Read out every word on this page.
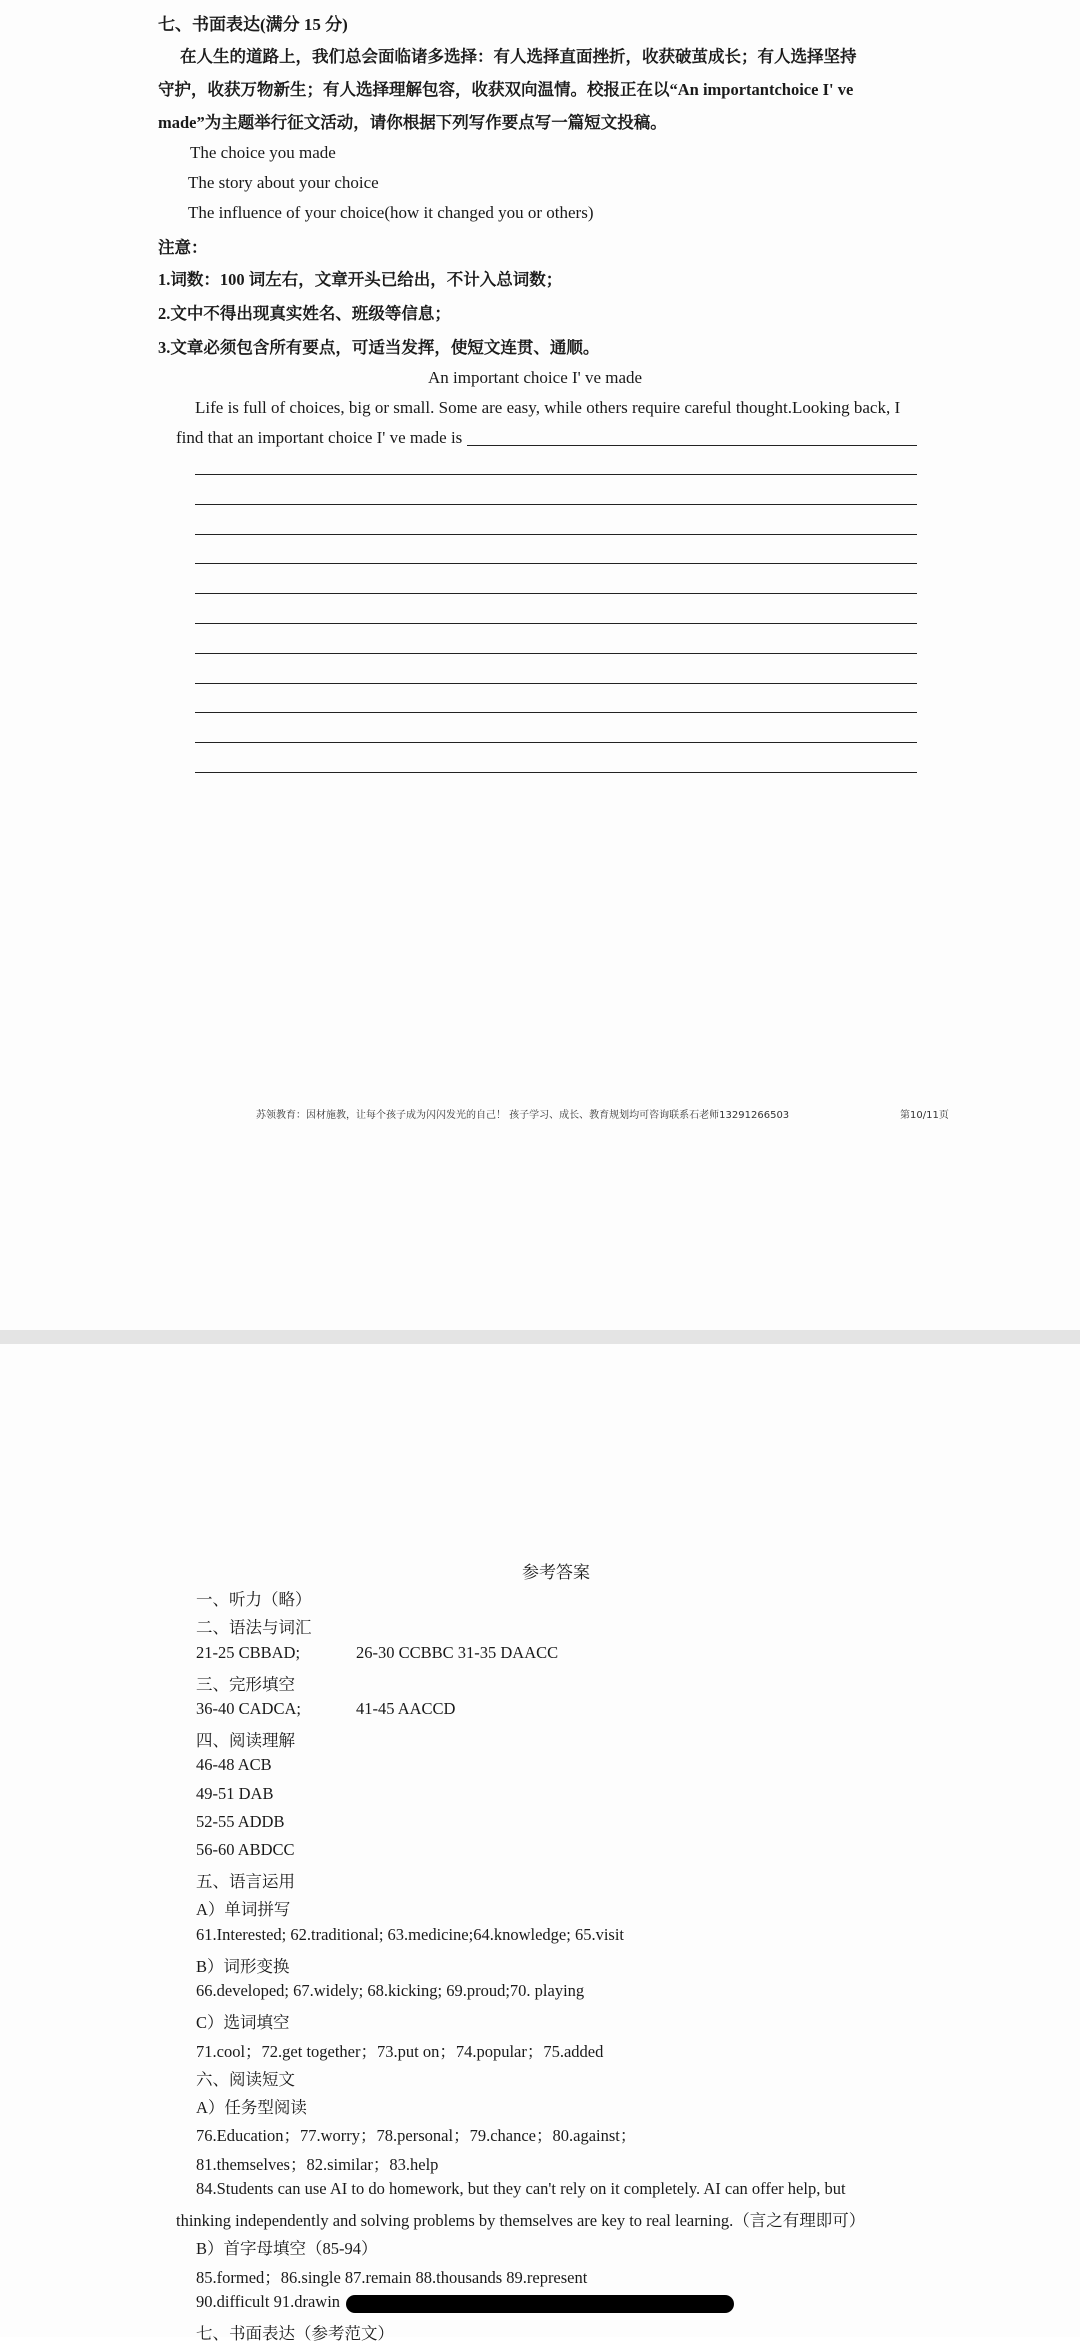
七、书面表达(满分 15 分)
在人生的道路上，我们总会面临诸多选择：有人选择直面挫折，收获破茧成长；有人选择坚持
守护，收获万物新生；有人选择理解包容，收获双向温情。校报正在以“An importantchoice I' ve
made”为主题举行征文活动，请你根据下列写作要点写一篇短文投稿。
The choice you made
The story about your choice
The influence of your choice(how it changed you or others)
注意：
1.词数：100 词左右，文章开头已给出，不计入总词数；
2.文中不得出现真实姓名、班级等信息；
3.文章必须包含所有要点，可适当发挥，使短文连贯、通顺。
An important choice I' ve made
Life is full of choices, big or small. Some are easy, while others require careful thought.Looking back, I
find that an important choice I' ve made is
苏领教育：因材施教，让每个孩子成为闪闪发光的自己！ 孩子学习、成长、教育规划均可咨询联系石老师13291266503	第10/11页
参考答案
一、听力（略）
二、语法与词汇
21-25 CBBAD;	26-30 CCBBC 31-35 DAACC
三、完形填空
36-40 CADCA;	41-45 AACCD
四、阅读理解
46-48 ACB
49-51 DAB
52-55 ADDB
56-60 ABDCC
五、语言运用
A）单词拼写
61.Interested; 62.traditional; 63.medicine;64.knowledge; 65.visit
B）词形变换
66.developed; 67.widely; 68.kicking; 69.proud;70. playing
C）选词填空
71.cool；72.get together；73.put on；74.popular；75.added
六、阅读短文
A）任务型阅读
76.Education；77.worry；78.personal；79.chance；80.against；
81.themselves；82.similar；83.help
84.Students can use AI to do homework, but they can't rely on it completely. AI can offer help, but
thinking independently and solving problems by themselves are key to real learning.（言之有理即可）
B）首字母填空（85-94）
85.formed；86.single 87.remain 88.thousands 89.represent
90.difficult 91.drawin
七、书面表达（参考范文）
